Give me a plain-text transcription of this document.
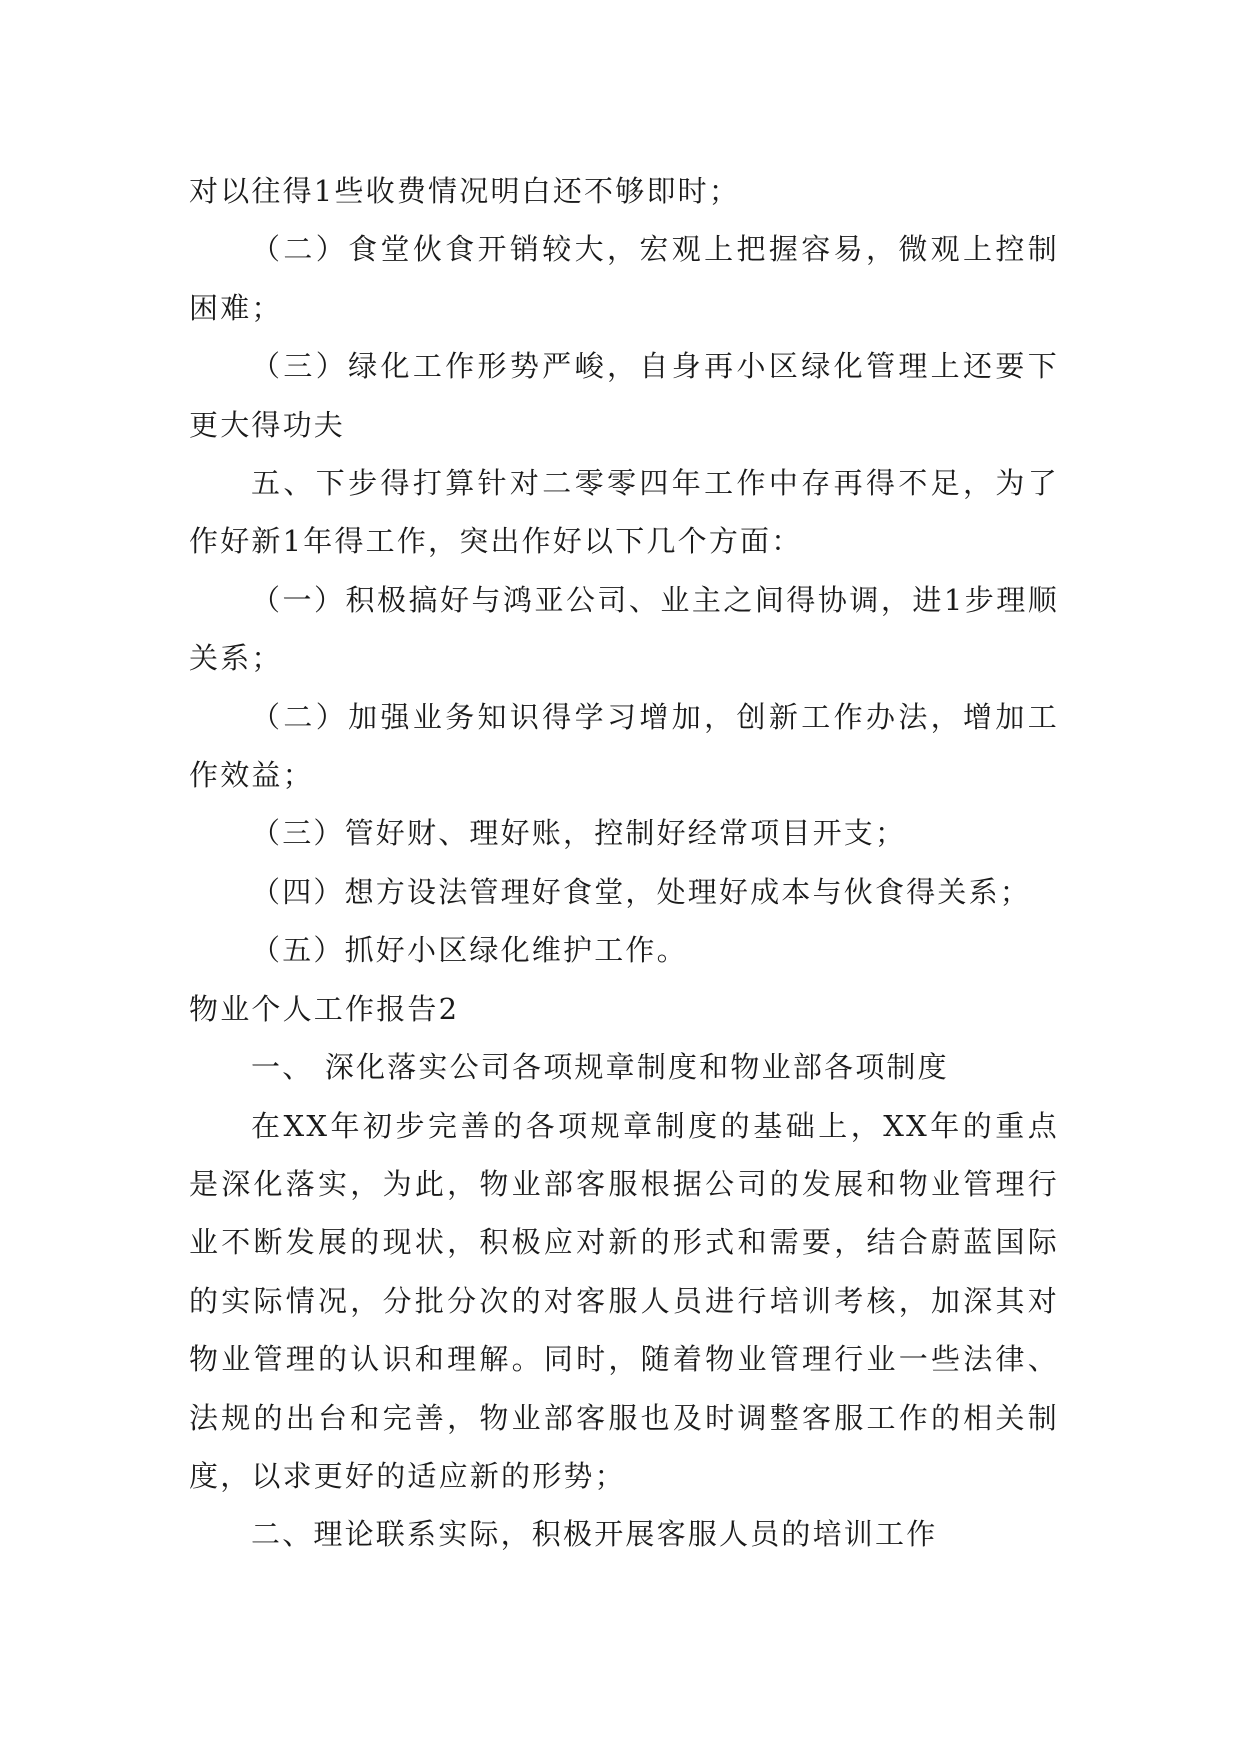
对以往得1些收费情况明白还不够即时；

（二）食堂伙食开销较大，宏观上把握容易，微观上控制困难；

（三）绿化工作形势严峻，自身再小区绿化管理上还要下更大得功夫

五、下步得打算针对二零零四年工作中存再得不足，为了作好新1年得工作，突出作好以下几个方面：

（一）积极搞好与鸿亚公司、业主之间得协调，进1步理顺关系；

（二）加强业务知识得学习增加，创新工作办法，增加工作效益；

（三）管好财、理好账，控制好经常项目开支；

（四）想方设法管理好食堂，处理好成本与伙食得关系；

（五）抓好小区绿化维护工作。

物业个人工作报告2

一、 深化落实公司各项规章制度和物业部各项制度

在XX年初步完善的各项规章制度的基础上，XX年的重点是深化落实，为此，物业部客服根据公司的发展和物业管理行业不断发展的现状，积极应对新的形式和需要，结合蔚蓝国际的实际情况，分批分次的对客服人员进行培训考核，加深其对物业管理的认识和理解。同时，随着物业管理行业一些法律、法规的出台和完善，物业部客服也及时调整客服工作的相关制度，以求更好的适应新的形势；

二、理论联系实际，积极开展客服人员的培训工作
